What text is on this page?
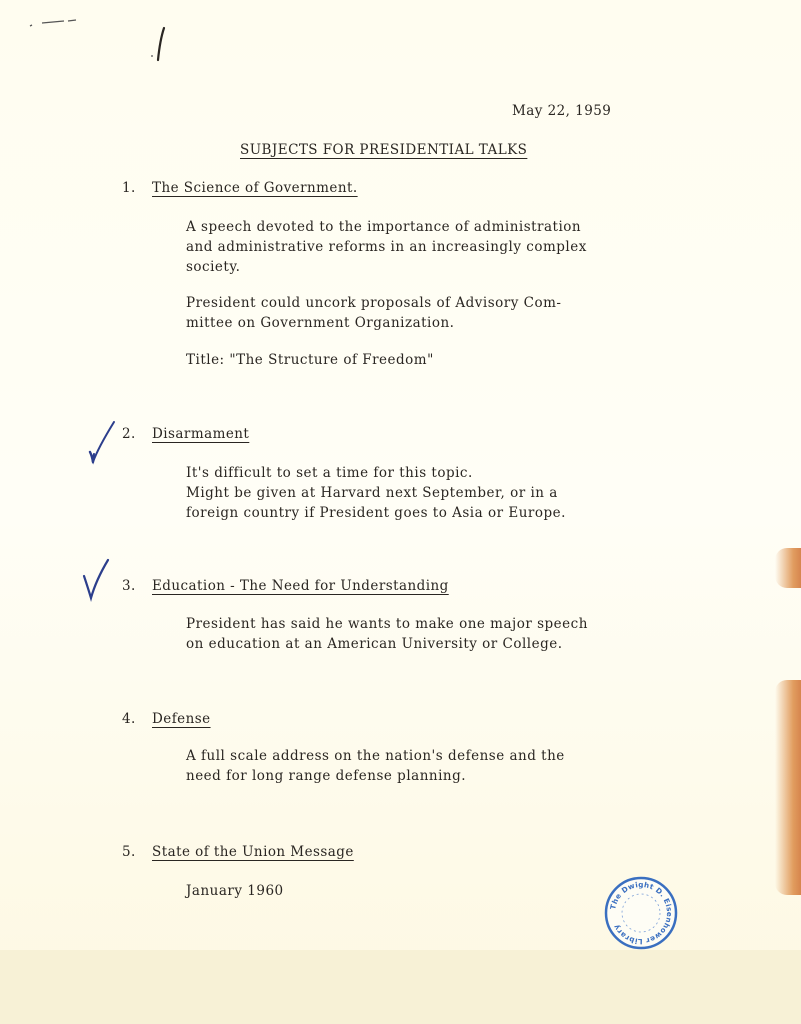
May 22, 1959
SUBJECTS FOR PRESIDENTIAL TALKS
1. The Science of Government.
A speech devoted to the importance of administration
and administrative reforms in an increasingly complex
society.
President could uncork proposals of Advisory Com-
mittee on Government Organization.
Title: "The Structure of Freedom"
2. Disarmament
It's difficult to set a time for this topic.
Might be given at Harvard next September, or in a
foreign country if President goes to Asia or Europe.
3. Education - The Need for Understanding
President has said he wants to make one major speech
on education at an American University or College.
4. Defense
A full scale address on the nation's defense and the
need for long range defense planning.
5. State of the Union Message
January 1960
The Dwight D. Eisenhower Library
